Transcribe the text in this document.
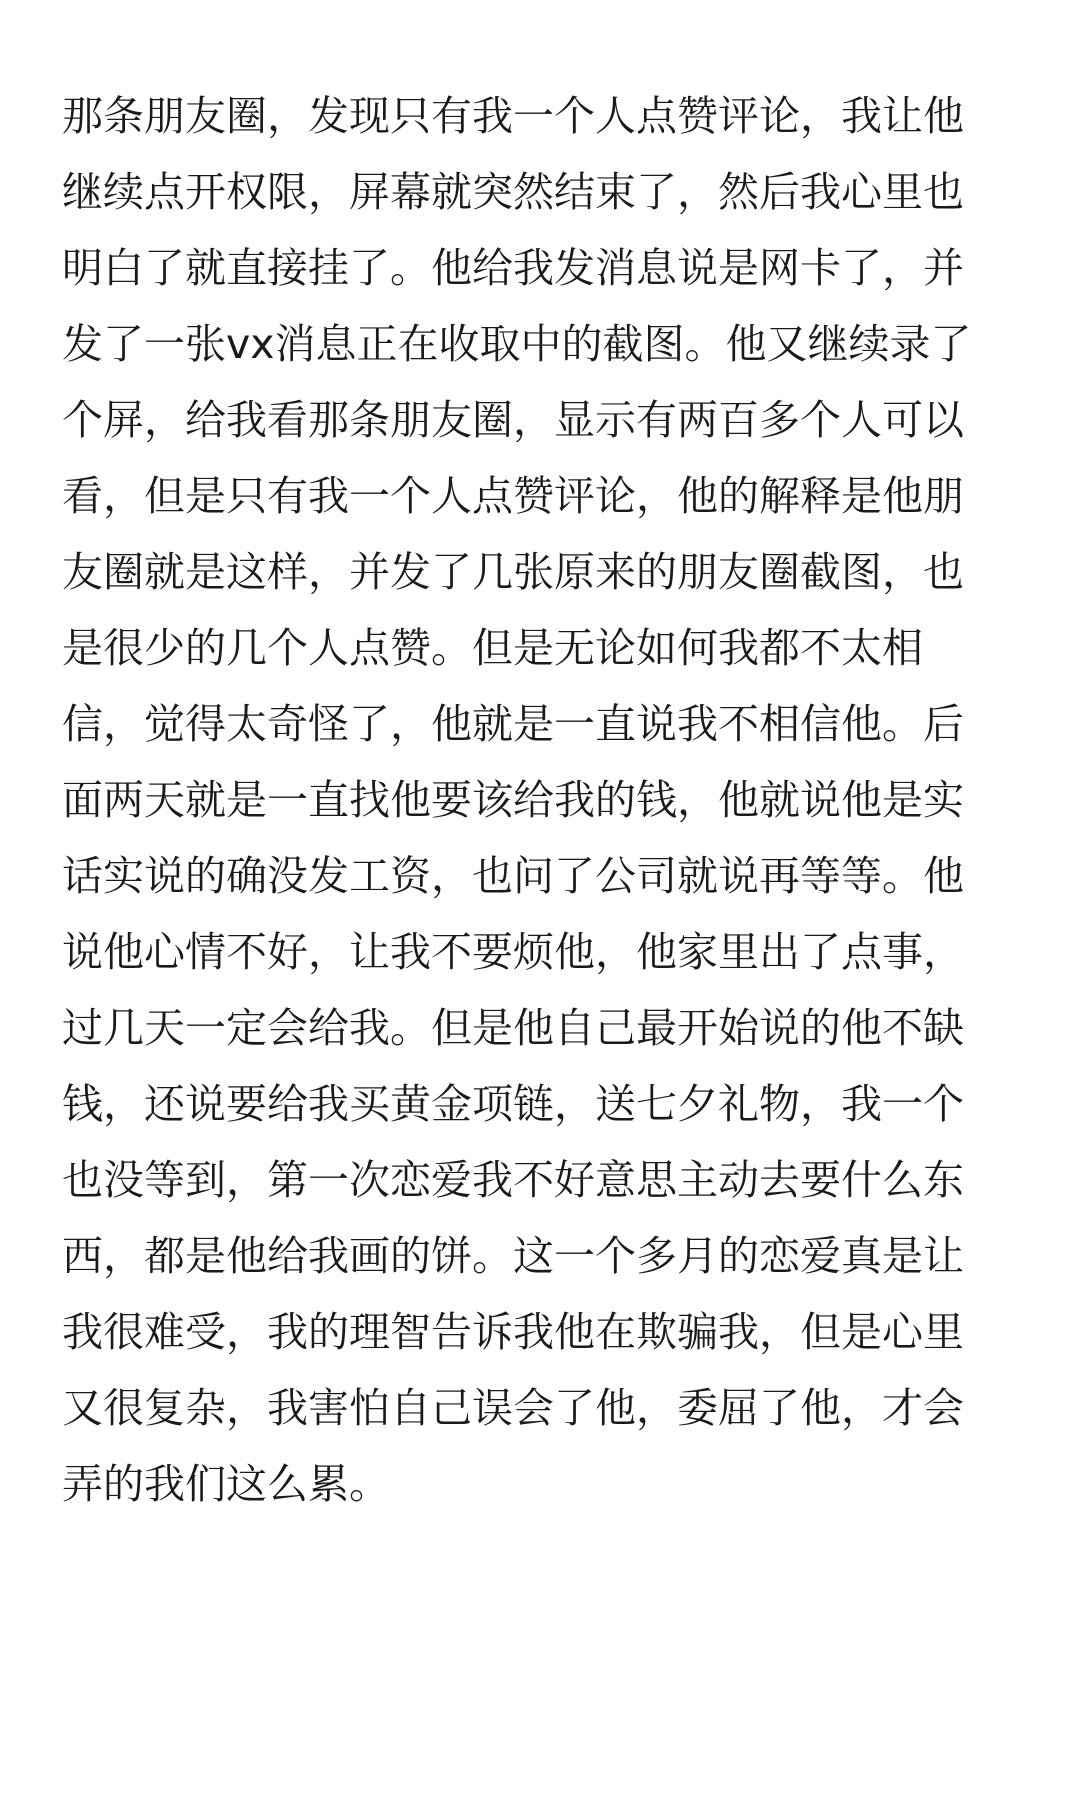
那条朋友圈，发现只有我一个人点赞评论，我让他
继续点开权限，屏幕就突然结束了，然后我心里也
明白了就直接挂了。他给我发消息说是网卡了，并
发了一张vx消息正在收取中的截图。他又继续录了
个屏，给我看那条朋友圈，显示有两百多个人可以
看，但是只有我一个人点赞评论，他的解释是他朋
友圈就是这样，并发了几张原来的朋友圈截图，也
是很少的几个人点赞。但是无论如何我都不太相
信，觉得太奇怪了，他就是一直说我不相信他。后
面两天就是一直找他要该给我的钱，他就说他是实
话实说的确没发工资，也问了公司就说再等等。他
说他心情不好，让我不要烦他，他家里出了点事，
过几天一定会给我。但是他自己最开始说的他不缺
钱，还说要给我买黄金项链，送七夕礼物，我一个
也没等到，第一次恋爱我不好意思主动去要什么东
西，都是他给我画的饼。这一个多月的恋爱真是让
我很难受，我的理智告诉我他在欺骗我，但是心里
又很复杂，我害怕自己误会了他，委屈了他，才会
弄的我们这么累。
